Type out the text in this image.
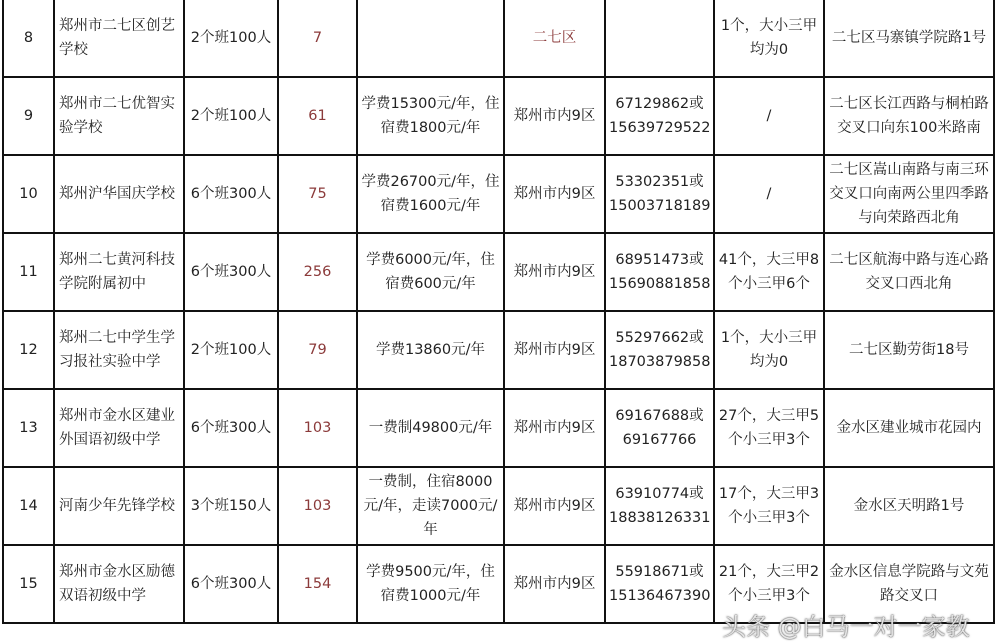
8	郑州市二七区创艺学校	2个班100人	7		二七区		1个，大小三甲均为0	二七区马寨镇学院路1号
9	郑州市二七优智实验学校	2个班100人	61	学费15300元/年，住宿费1800元/年	郑州市内9区	67129862或15639729522	/	二七区长江西路与桐柏路交叉口向东100米路南
10	郑州沪华国庆学校	6个班300人	75	学费26700元/年，住宿费1600元/年	郑州市内9区	53302351或15003718189	/	二七区嵩山南路与南三环交叉口向南两公里四季路与向荣路西北角
11	郑州二七黄河科技学院附属初中	6个班300人	256	学费6000元/年，住宿费600元/年	郑州市内9区	68951473或15690881858	41个，大三甲8个小三甲6个	二七区航海中路与连心路交叉口西北角
12	郑州二七中学生学习报社实验中学	2个班100人	79	学费13860元/年	郑州市内9区	55297662或18703879858	1个，大小三甲均为0	二七区勤劳街18号
13	郑州市金水区建业外国语初级中学	6个班300人	103	一费制49800元/年	郑州市内9区	69167688或69167766	27个，大三甲5个小三甲3个	金水区建业城市花园内
14	河南少年先锋学校	3个班150人	103	一费制，住宿8000元/年，走读7000元/年	郑州市内9区	63910774或18838126331	17个，大三甲3个小三甲3个	金水区天明路1号
15	郑州市金水区励德双语初级中学	6个班300人	154	学费9500元/年，住宿费1000元/年	郑州市内9区	55918671或15136467390	21个，大三甲2个小三甲3个	金水区信息学院路与文苑路交叉口
头条 @白马一对一家教
